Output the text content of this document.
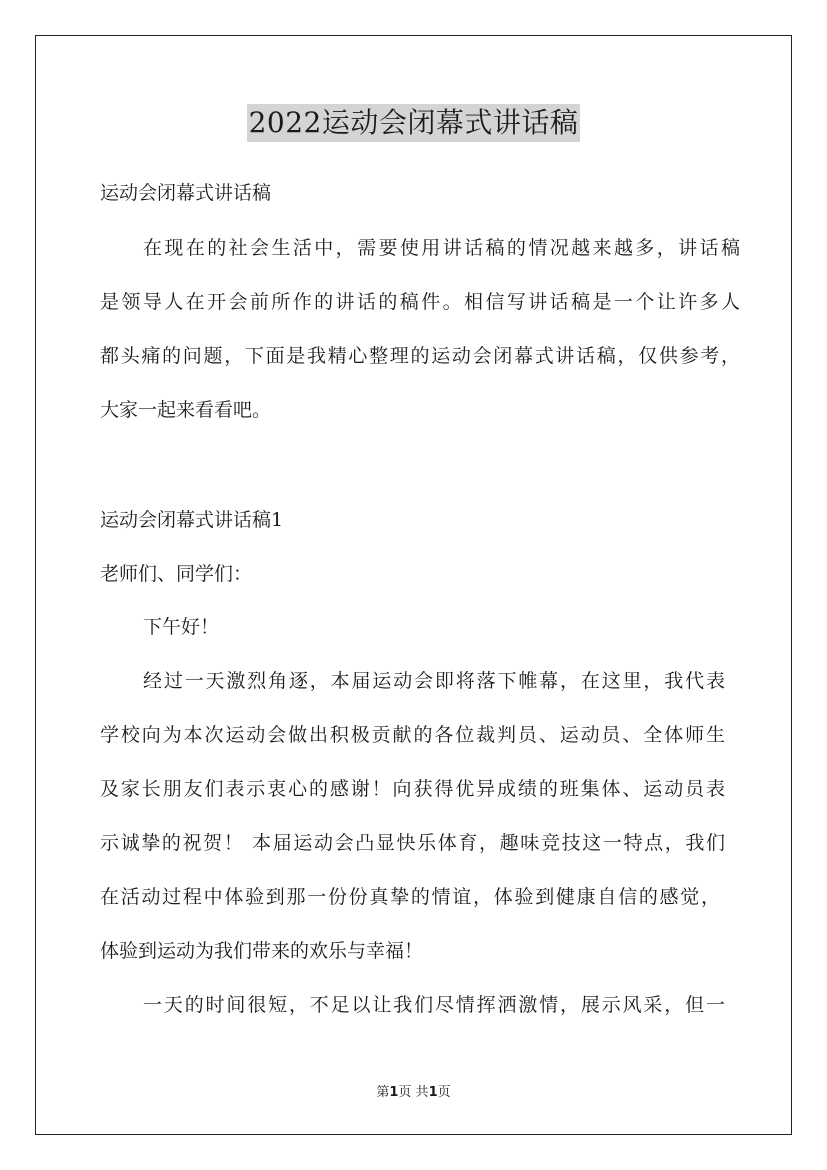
2022运动会闭幕式讲话稿
运动会闭幕式讲话稿
在现在的社会生活中，需要使用讲话稿的情况越来越多，讲话稿
是领导人在开会前所作的讲话的稿件。相信写讲话稿是一个让许多人
都头痛的问题，下面是我精心整理的运动会闭幕式讲话稿，仅供参考，
大家一起来看看吧。
运动会闭幕式讲话稿1
老师们、同学们：
下午好！
经过一天激烈角逐，本届运动会即将落下帷幕，在这里，我代表
学校向为本次运动会做出积极贡献的各位裁判员、运动员、全体师生
及家长朋友们表示衷心的感谢！向获得优异成绩的班集体、运动员表
示诚挚的祝贺！ 本届运动会凸显快乐体育，趣味竞技这一特点，我们
在活动过程中体验到那一份份真挚的情谊，体验到健康自信的感觉，
体验到运动为我们带来的欢乐与幸福！
一天的时间很短，不足以让我们尽情挥洒激情，展示风采，但一
第1页 共1页
